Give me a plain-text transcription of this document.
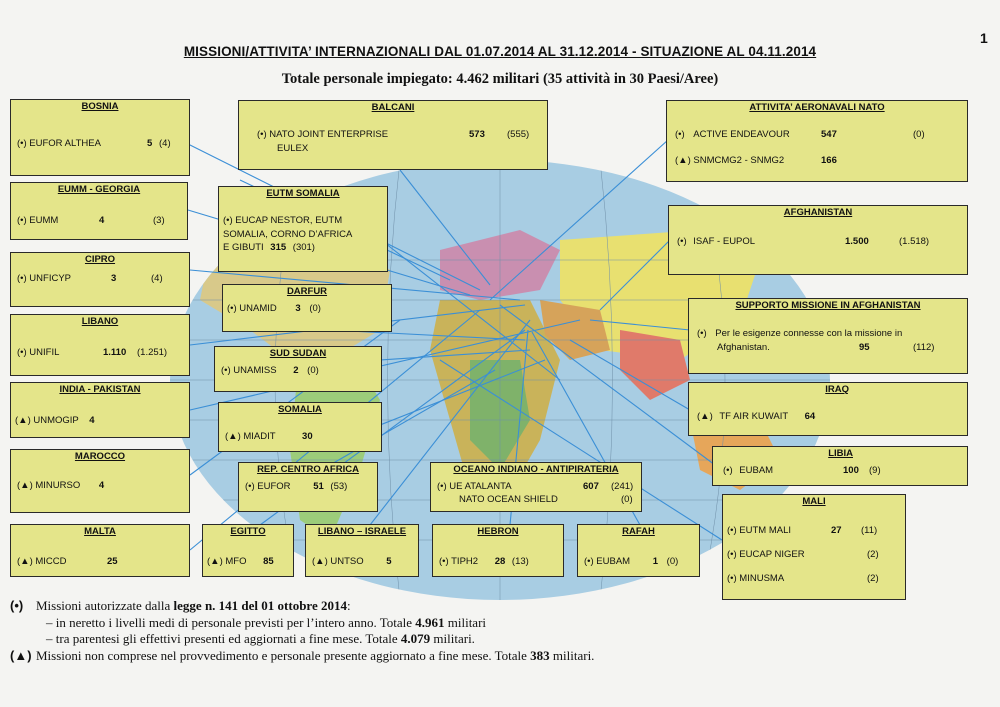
1
MISSIONI/ATTIVITA’ INTERNAZIONALI DAL 01.07.2014 AL 31.12.2014 - SITUAZIONE AL 04.11.2014
Totale personale impiegato: 4.462 militari (35 attività in 30 Paesi/Aree)
BOSNIA
(•) EUFOR ALTHEA	5 (4)
EUMM - GEORGIA
(•) EUMM	4	(3)
CIPRO
(•) UNFICYP	3	(4)
LIBANO
(•) UNIFIL	1.110 (1.251)
INDIA - PAKISTAN
(▲) UNMOGIP 4
MAROCCO
(▲) MINURSO 4
MALTA
(▲) MICCD	25
BALCANI
(•) NATO JOINT ENTERPRISE
EULEX
573 (555)
EUTM SOMALIA
(•) EUCAP NESTOR, EUTM
SOMALIA, CORNO D’AFRICA
E GIBUTI 315 (301)
DARFUR
(•) UNAMID 3 (0)
SUD SUDAN
(•) UNAMISS 2 (0)
SOMALIA
(▲) MIADIT	30
REP. CENTRO AFRICA
(•) EUFOR 51 (53)
OCEANO INDIANO - ANTIPIRATERIA
(•) UE ATALANTA	607 (241)
NATO OCEAN SHIELD	(0)
EGITTO
(▲) MFO 85
LIBANO – ISRAELE
(▲) UNTSO 5
HEBRON
(•) TIPH2 28 (13)
RAFAH
(•) EUBAM 1 (0)
ATTIVITA’ AERONAVALI NATO
(•) ACTIVE ENDEAVOUR	547	(0)
(▲) SNMCMG2 - SNMG2	166
AFGHANISTAN
(•) ISAF - EUPOL	1.500	(1.518)
SUPPORTO MISSIONE IN AFGHANISTAN
(•) Per le esigenze connesse con la missione in
Afghanistan.	95	(112)
IRAQ
(▲) TF AIR KUWAIT 64
LIBIA
(•) EUBAM	100 (9)
MALI
(•) EUTM MALI	27 (11)
(•) EUCAP NIGER	(2)
(•) MINUSMA	(2)
(•) Missioni autorizzate dalla legge n. 141 del 01 ottobre 2014:
– in neretto i livelli medi di personale previsti per l’intero anno. Totale 4.961 militari
– tra parentesi gli effettivi presenti ed aggiornati a fine mese. Totale 4.079 militari.
(▲) Missioni non comprese nel provvedimento e personale presente aggiornato a fine mese. Totale 383 militari.
